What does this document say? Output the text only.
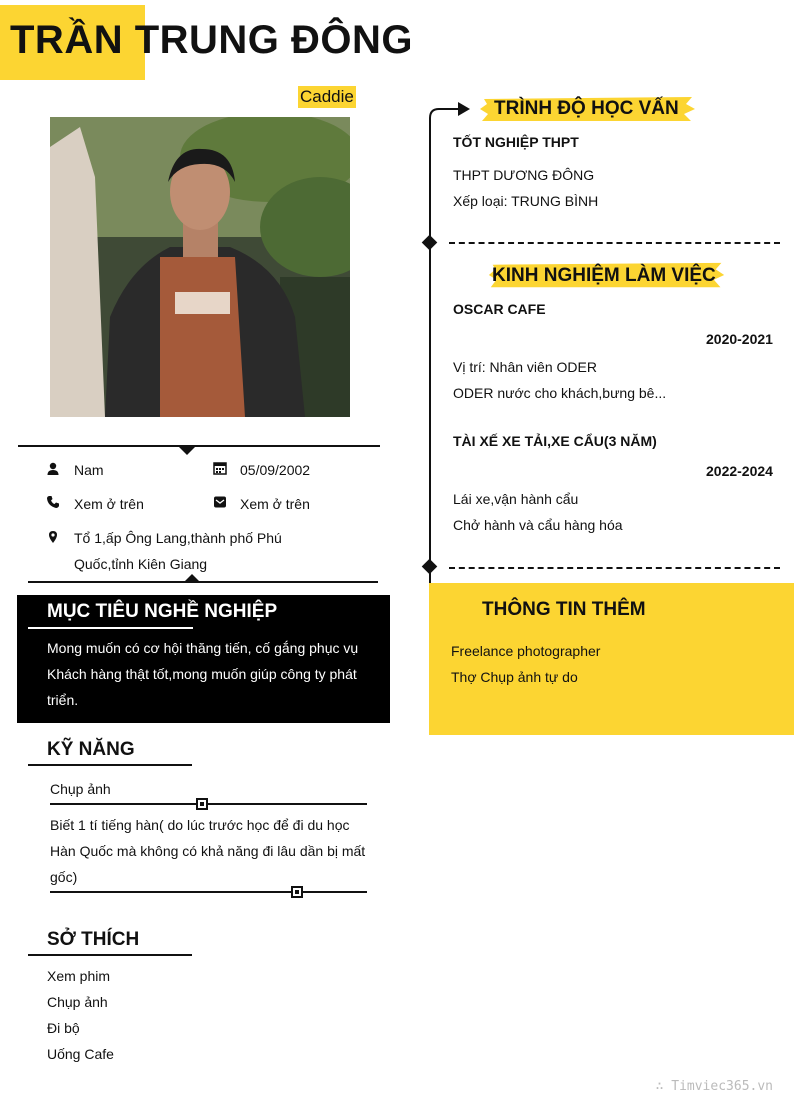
TRẦN TRUNG ĐÔNG
Caddie
Nam	05/09/2002
Xem ở trên	Xem ở trên
Tổ 1,ấp Ông Lang,thành phố Phú
Quốc,tỉnh Kiên Giang
MỤC TIÊU NGHỀ NGHIỆP
Mong muốn có cơ hội thăng tiến, cố gắng phục vụ
Khách hàng thật tốt,mong muốn giúp công ty phát
triển.
KỸ NĂNG
Chụp ảnh
Biết 1 tí tiếng hàn( do lúc trước học để đi du học
Hàn Quốc mà không có khả năng đi lâu dần bị mất
gốc)
SỞ THÍCH
Xem phim
Chụp ảnh
Đi bộ
Uống Cafe
TRÌNH ĐỘ HỌC VẤN
TỐT NGHIỆP THPT
THPT DƯƠNG ĐÔNG
Xếp loại: TRUNG BÌNH
KINH NGHIỆM LÀM VIỆC
OSCAR CAFE
2020-2021
Vị trí: Nhân viên ODER
ODER nước cho khách,bưng bê...
TÀI XẾ XE TẢI,XE CẨU(3 NĂM)
2022-2024
Lái xe,vận hành cẩu
Chở hành và cẩu hàng hóa
THÔNG TIN THÊM
Freelance photographer
Thợ Chụp ảnh tự do
∴ Timviec365.vn
